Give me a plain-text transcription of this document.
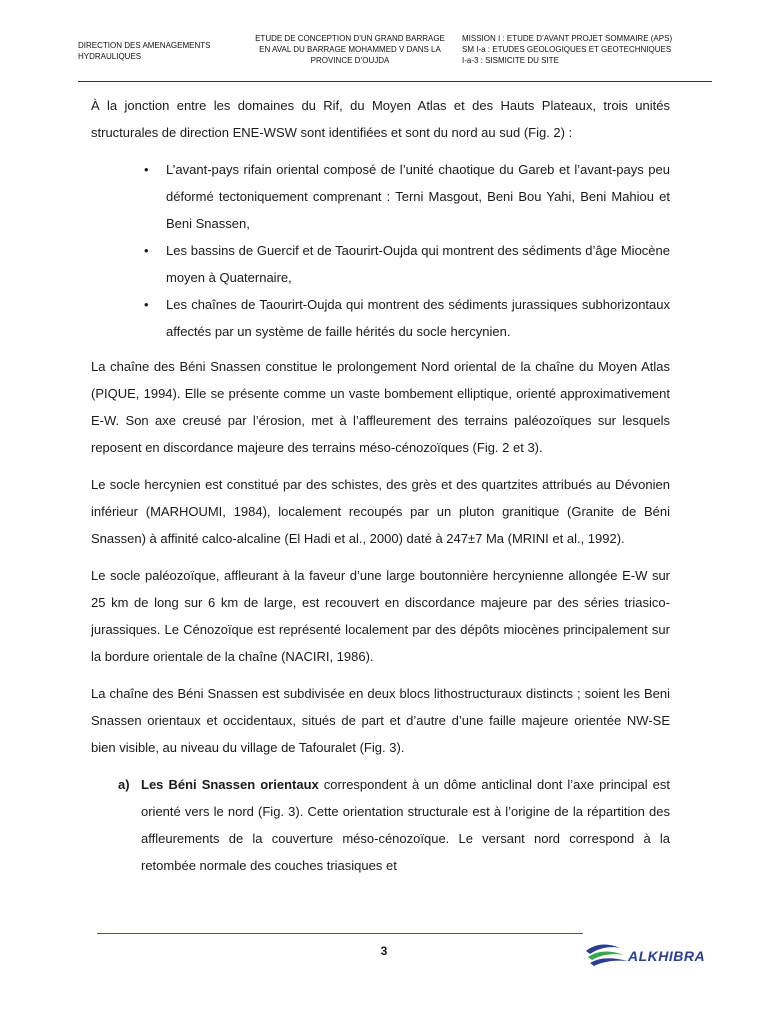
DIRECTION DES AMENAGEMENTS
HYDRAULIQUES
ETUDE DE CONCEPTION D’UN GRAND BARRAGE
EN AVAL DU BARRAGE MOHAMMED V DANS LA
PROVINCE D’OUJDA
MISSION I : ETUDE D’AVANT PROJET SOMMAIRE (APS)
SM I-a : ETUDES GEOLOGIQUES ET GEOTECHNIQUES
I-a-3 : SISMICITE DU SITE

À la jonction entre les domaines du Rif, du Moyen Atlas et des Hauts Plateaux, trois unités structurales de direction ENE-WSW sont identifiées et sont du nord au sud (Fig. 2) :

• L’avant-pays rifain oriental composé de l’unité chaotique du Gareb et l’avant-pays peu déformé tectoniquement comprenant : Terni Masgout, Beni Bou Yahi, Beni Mahiou et Beni Snassen,
• Les bassins de Guercif et de Taourirt-Oujda qui montrent des sédiments d’âge Miocène moyen à Quaternaire,
• Les chaînes de Taourirt-Oujda qui montrent des sédiments jurassiques subhorizontaux affectés par un système de faille hérités du socle hercynien.

La chaîne des Béni Snassen constitue le prolongement Nord oriental de la chaîne du Moyen Atlas (PIQUE, 1994). Elle se présente comme un vaste bombement elliptique, orienté approximativement E-W. Son axe creusé par l’érosion, met à l’affleurement des terrains paléozoïques sur lesquels reposent en discordance majeure des terrains méso-cénozoïques (Fig. 2 et 3).

Le socle hercynien est constitué par des schistes, des grès et des quartzites attribués au Dévonien inférieur (MARHOUMI, 1984), localement recoupés par un pluton granitique (Granite de Béni Snassen) à affinité calco-alcaline (El Hadi et al., 2000) daté à 247±7 Ma (MRINI et al., 1992).

Le socle paléozoïque, affleurant à la faveur d’une large boutonnière hercynienne allongée E-W sur 25 km de long sur 6 km de large, est recouvert en discordance majeure par des séries triasico- jurassiques. Le Cénozoïque est représenté localement par des dépôts miocènes principalement sur la bordure orientale de la chaîne (NACIRI, 1986).

La chaîne des Béni Snassen est subdivisée en deux blocs lithostructuraux distincts ; soient les Beni Snassen orientaux et occidentaux, situés de part et d’autre d’une faille majeure orientée NW-SE bien visible, au niveau du village de Tafouralet (Fig. 3).

a) Les Béni Snassen orientaux correspondent à un dôme anticlinal dont l’axe principal est orienté vers le nord (Fig. 3). Cette orientation structurale est à l’origine de la répartition des affleurements de la couverture méso-cénozoïque. Le versant nord correspond à la retombée normale des couches triasiques et

3	ALKHIBRA
